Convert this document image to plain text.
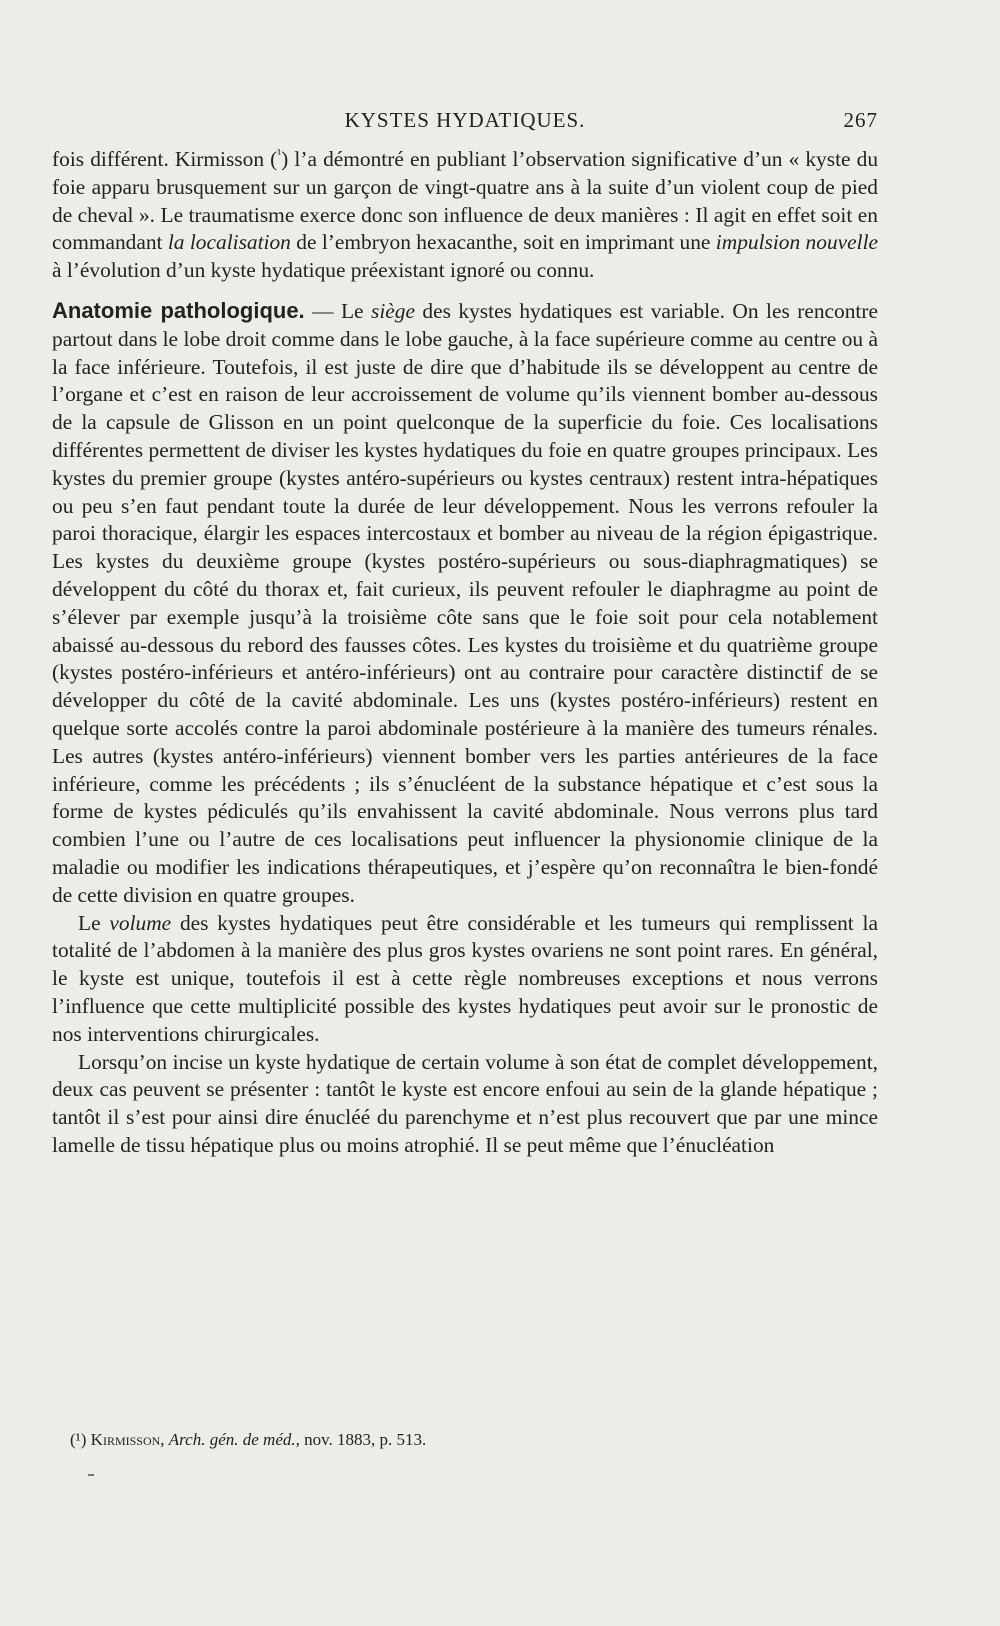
KYSTES HYDATIQUES.	267

fois différent. Kirmisson ($^{^1}$) l’a démontré en publiant l’observation significative d’un « kyste du foie apparu brusquement sur un garçon de vingt-quatre ans à la suite d’un violent coup de pied de cheval ». Le traumatisme exerce donc son influence de deux manières : Il agit en effet soit en commandant la localisation de l’embryon hexacanthe, soit en imprimant une impulsion nouvelle à l’évolution d’un kyste hydatique préexistant ignoré ou connu.

Anatomie pathologique. — Le siège des kystes hydatiques est variable. On les rencontre partout dans le lobe droit comme dans le lobe gauche, à la face supérieure comme au centre ou à la face inférieure. Toutefois, il est juste de dire que d’habitude ils se développent au centre de l’organe et c’est en raison de leur accroissement de volume qu’ils viennent bomber au-dessous de la capsule de Glisson en un point quelconque de la superficie du foie. Ces localisations différentes permettent de diviser les kystes hydatiques du foie en quatre groupes principaux. Les kystes du premier groupe (kystes antéro-supérieurs ou kystes centraux) restent intra-hépatiques ou peu s’en faut pendant toute la durée de leur développement. Nous les verrons refouler la paroi thoracique, élargir les espaces intercostaux et bomber au niveau de la région épigastrique. Les kystes du deuxième groupe (kystes postéro-supérieurs ou sous-diaphragmatiques) se développent du côté du thorax et, fait curieux, ils peuvent refouler le diaphragme au point de s’élever par exemple jusqu’à la troisième côte sans que le foie soit pour cela notablement abaissé au-dessous du rebord des fausses côtes. Les kystes du troisième et du quatrième groupe (kystes postéro-inférieurs et antéro-inférieurs) ont au contraire pour caractère distinctif de se développer du côté de la cavité abdominale. Les uns (kystes postéro-inférieurs) restent en quelque sorte accolés contre la paroi abdominale postérieure à la manière des tumeurs rénales. Les autres (kystes antéro-inférieurs) viennent bomber vers les parties antérieures de la face inférieure, comme les précédents ; ils s’énucléent de la substance hépatique et c’est sous la forme de kystes pédiculés qu’ils envahissent la cavité abdominale. Nous verrons plus tard combien l’une ou l’autre de ces localisations peut influencer la physionomie clinique de la maladie ou modifier les indications thérapeutiques, et j’espère qu’on reconnaîtra le bien-fondé de cette division en quatre groupes.

Le volume des kystes hydatiques peut être considérable et les tumeurs qui remplissent la totalité de l’abdomen à la manière des plus gros kystes ovariens ne sont point rares. En général, le kyste est unique, toutefois il est à cette règle nombreuses exceptions et nous verrons l’influence que cette multiplicité possible des kystes hydatiques peut avoir sur le pronostic de nos interventions chirurgicales.

Lorsqu’on incise un kyste hydatique de certain volume à son état de complet développement, deux cas peuvent se présenter : tantôt le kyste est encore enfoui au sein de la glande hépatique ; tantôt il s’est pour ainsi dire énucléé du parenchyme et n’est plus recouvert que par une mince lamelle de tissu hépatique plus ou moins atrophié. Il se peut même que l’énucléation

(¹) Kirmisson, Arch. gén. de méd., nov. 1883, p. 513.
